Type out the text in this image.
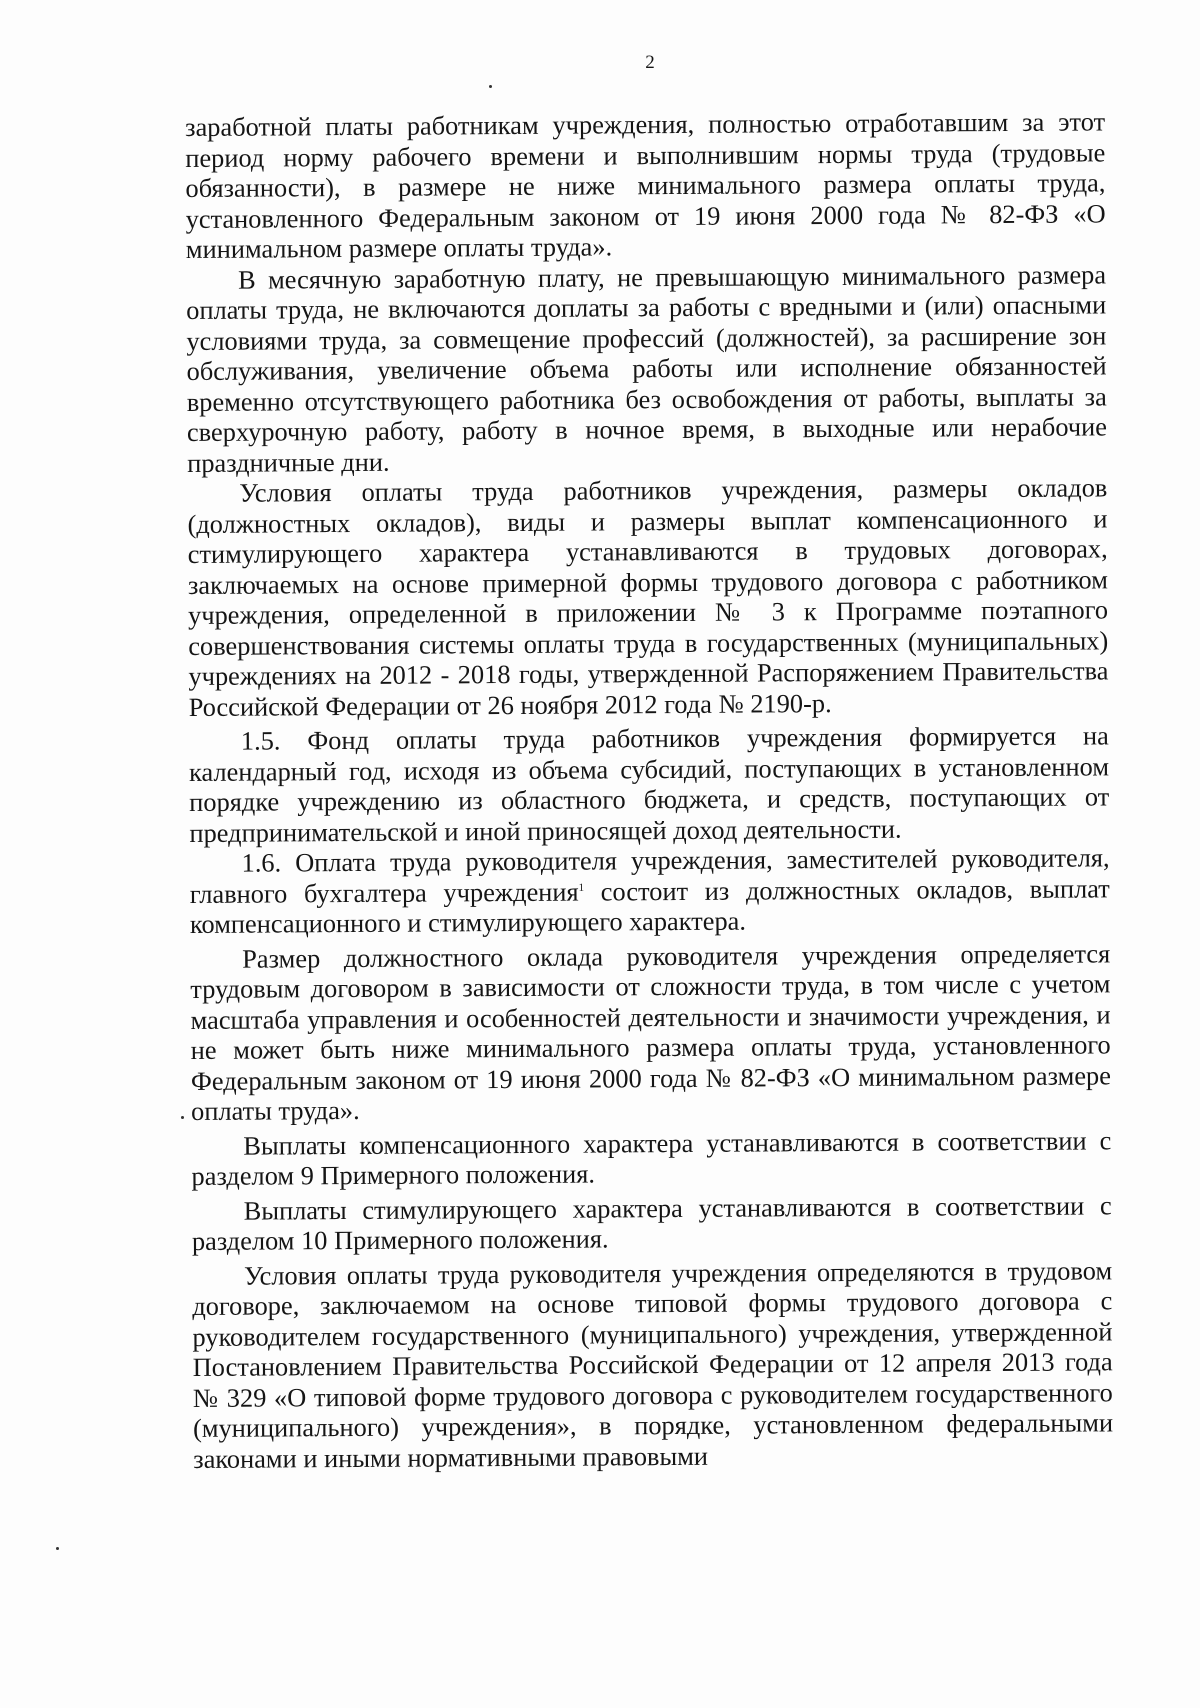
2

заработной платы работникам учреждения, полностью отработавшим за этот период норму рабочего времени и выполнившим нормы труда (трудовые обязанности), в размере не ниже минимального размера оплаты труда, установленного Федеральным законом от 19 июня 2000 года № 82-ФЗ «О минимальном размере оплаты труда».

В месячную заработную плату, не превышающую минимального размера оплаты труда, не включаются доплаты за работы с вредными и (или) опасными условиями труда, за совмещение профессий (должностей), за расширение зон обслуживания, увеличение объема работы или исполнение обязанностей временно отсутствующего работника без освобождения от работы, выплаты за сверхурочную работу, работу в ночное время, в выходные или нерабочие праздничные дни.

Условия оплаты труда работников учреждения, размеры окладов (должностных окладов), виды и размеры выплат компенсационного и стимулирующего характера устанавливаются в трудовых договорах, заключаемых на основе примерной формы трудового договора с работником учреждения, определенной в приложении № 3 к Программе поэтапного совершенствования системы оплаты труда в государственных (муниципальных) учреждениях на 2012 - 2018 годы, утвержденной Распоряжением Правительства Российской Федерации от 26 ноября 2012 года № 2190-р.

1.5. Фонд оплаты труда работников учреждения формируется на календарный год, исходя из объема субсидий, поступающих в установленном порядке учреждению из областного бюджета, и средств, поступающих от предпринимательской и иной приносящей доход деятельности.

1.6. Оплата труда руководителя учреждения, заместителей руководителя, главного бухгалтера учреждения$^1$ состоит из должностных окладов, выплат компенсационного и стимулирующего характера.

Размер должностного оклада руководителя учреждения определяется трудовым договором в зависимости от сложности труда, в том числе с учетом масштаба управления и особенностей деятельности и значимости учреждения, и не может быть ниже минимального размера оплаты труда, установленного Федеральным законом от 19 июня 2000 года № 82-ФЗ «О минимальном размере оплаты труда».

Выплаты компенсационного характера устанавливаются в соответствии с разделом 9 Примерного положения.

Выплаты стимулирующего характера устанавливаются в соответствии с разделом 10 Примерного положения.

Условия оплаты труда руководителя учреждения определяются в трудовом договоре, заключаемом на основе типовой формы трудового договора с руководителем государственного (муниципального) учреждения, утвержденной Постановлением Правительства Российской Федерации от 12 апреля 2013 года № 329 «О типовой форме трудового договора с руководителем государственного (муниципального) учреждения», в порядке, установленном федеральными законами и иными нормативными правовыми
